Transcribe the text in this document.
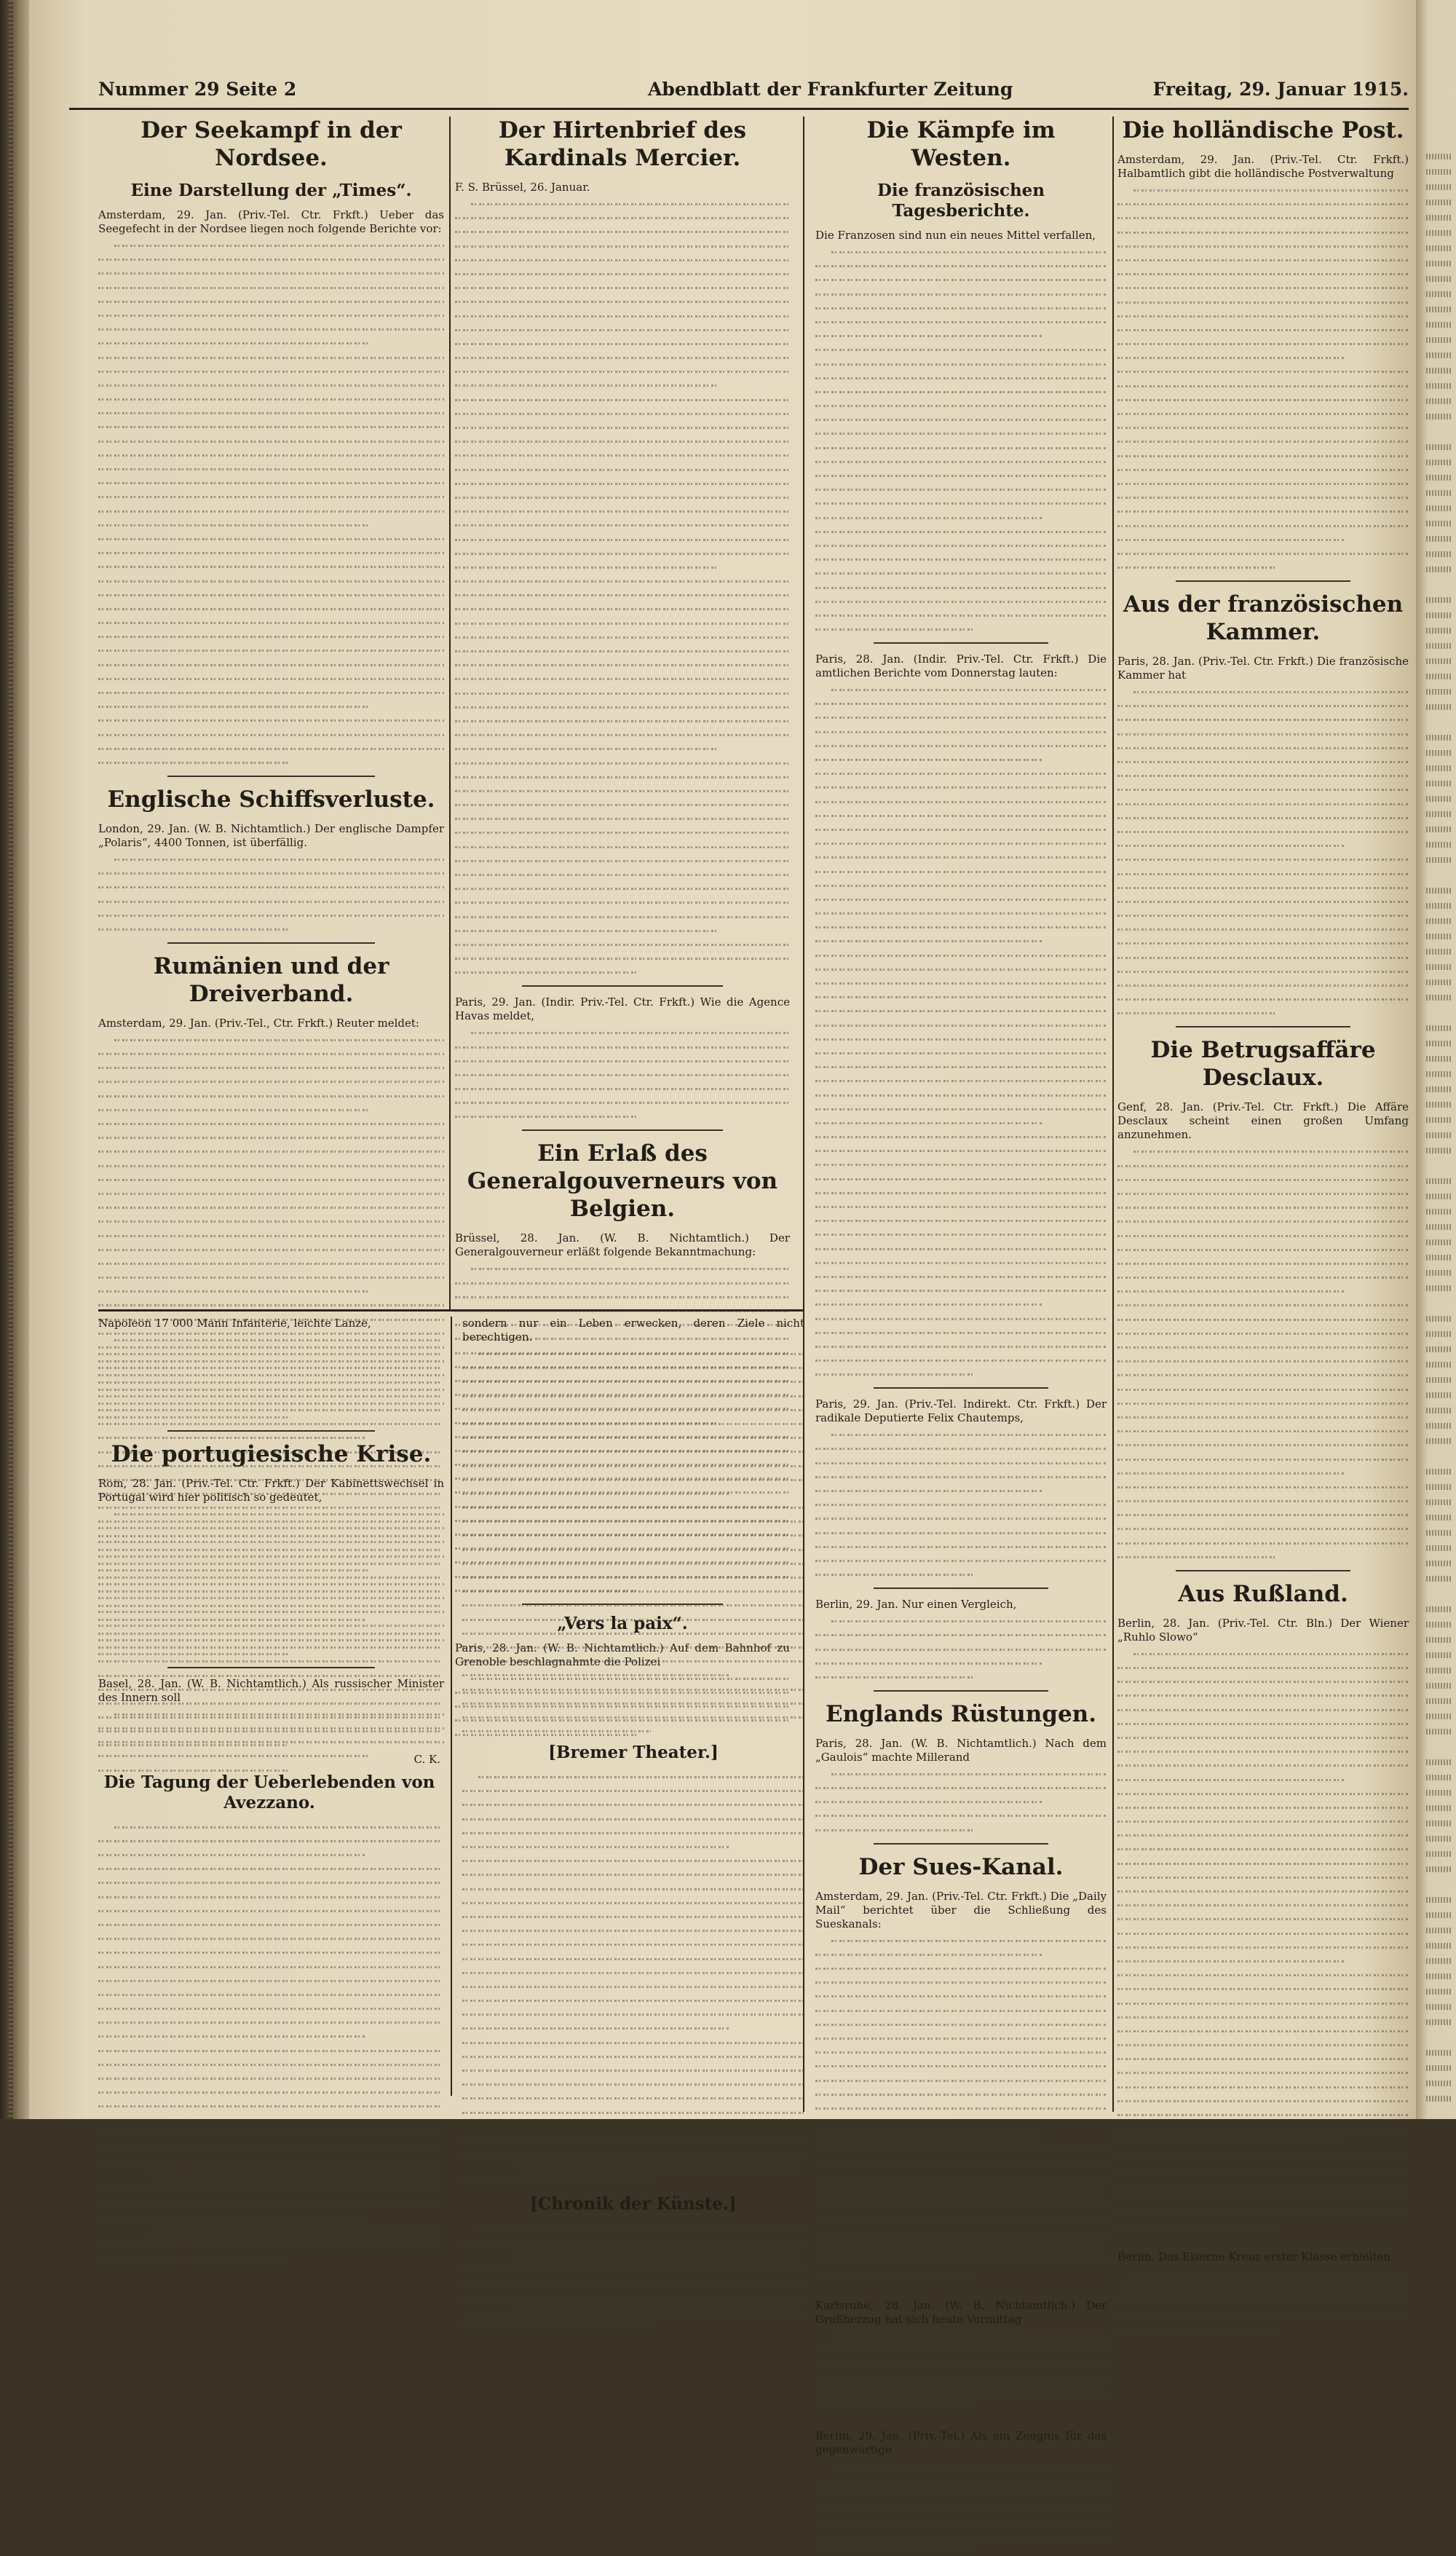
Nummer 29 Seite 2	Abendblatt der Frankfurter Zeitung	Freitag, 29. Januar 1915.
Der Seekampf in der Nordsee.
Eine Darstellung der „Times“.

Amsterdam, 29. Jan. (Priv.-Tel. Ctr. Frkft.) Ueber das Seegefecht in der Nordsee liegen noch folgende Berichte vor:

Englische Schiffsverluste.

London, 29. Jan. (W. B. Nichtamtlich.) Der englische Dampfer „Polaris“, 4400 Tonnen, ist überfällig.

Rumänien und der Dreiverband.

Amsterdam, 29. Jan. (Priv.-Tel., Ctr. Frkft.) Reuter meldet:

Die portugiesische Krise.

Rom, 28. Jan. (Priv.-Tel. Ctr. Frkft.) Der Kabinettswechsel in Portugal wird hier politisch so gedeutet,

Basel, 28. Jan. (W. B. Nichtamtlich.) Als russischer Minister des Innern soll

Der Hirtenbrief des Kardinals Mercier.

F. S. Brüssel, 26. Januar.

Paris, 29. Jan. (Indir. Priv.-Tel. Ctr. Frkft.) Wie die Agence Havas meldet,

Ein Erlaß des Generalgouverneurs von Belgien.

Brüssel, 28. Jan. (W. B. Nichtamtlich.) Der Generalgouverneur erläßt folgende Bekanntmachung:

„Vers la paix“.

Paris, 28. Jan. (W. B. Nichtamtlich.) Auf dem Bahnhof zu Grenoble beschlagnahmte die Polizei

Die Kämpfe im Westen.
Die französischen Tagesberichte.

Die Franzosen sind nun ein neues Mittel verfallen,

Paris, 28. Jan. (Indir. Priv.-Tel. Ctr. Frkft.) Die amtlichen Berichte vom Donnerstag lauten:

Paris, 29. Jan. (Priv.-Tel. Indirekt. Ctr. Frkft.) Der radikale Deputierte Felix Chautemps,

Berlin, 29. Jan. Nur einen Vergleich,

Englands Rüstungen.

Paris, 28. Jan. (W. B. Nichtamtlich.) Nach dem „Gaulois“ machte Millerand

Der Sues-Kanal.

Amsterdam, 29. Jan. (Priv.-Tel. Ctr. Frkft.) Die „Daily Mail“ berichtet über die Schließung des Sueskanals:

Karlsruhe, 28. Jan. (W. B. Nichtamtlich.) Der Großherzog hat sich heute Vormittag

Berlin, 29. Jan. (Priv.-Tel.) Als ein Zeugnis für das gegenwärtige

Die holländische Post.

Amsterdam, 29. Jan. (Priv.-Tel. Ctr. Frkft.) Halbamtlich gibt die holländische Postverwaltung

Aus der französischen Kammer.

Paris, 28. Jan. (Priv.-Tel. Ctr. Frkft.) Die französische Kammer hat

Die Betrugsaffäre Desclaux.

Genf, 28. Jan. (Priv.-Tel. Ctr. Frkft.) Die Affäre Desclaux scheint einen großen Umfang anzunehmen.

Aus Rußland.

Berlin, 28. Jan. (Priv.-Tel. Ctr. Bln.) Der Wiener „Ruhlo Slowo“

Berlin. Das Eiserne Kreuz erster Klasse erhielten

Napoleon 17 000 Mann Infanterie, leichte Lanze,

C. K.
Die Tagung der Ueberlebenden von Avezzano.

sondern nur ein Leben erwecken, deren Ziele nicht berechtigen.

[Bremer Theater.]
[Chronik der Künste.]
